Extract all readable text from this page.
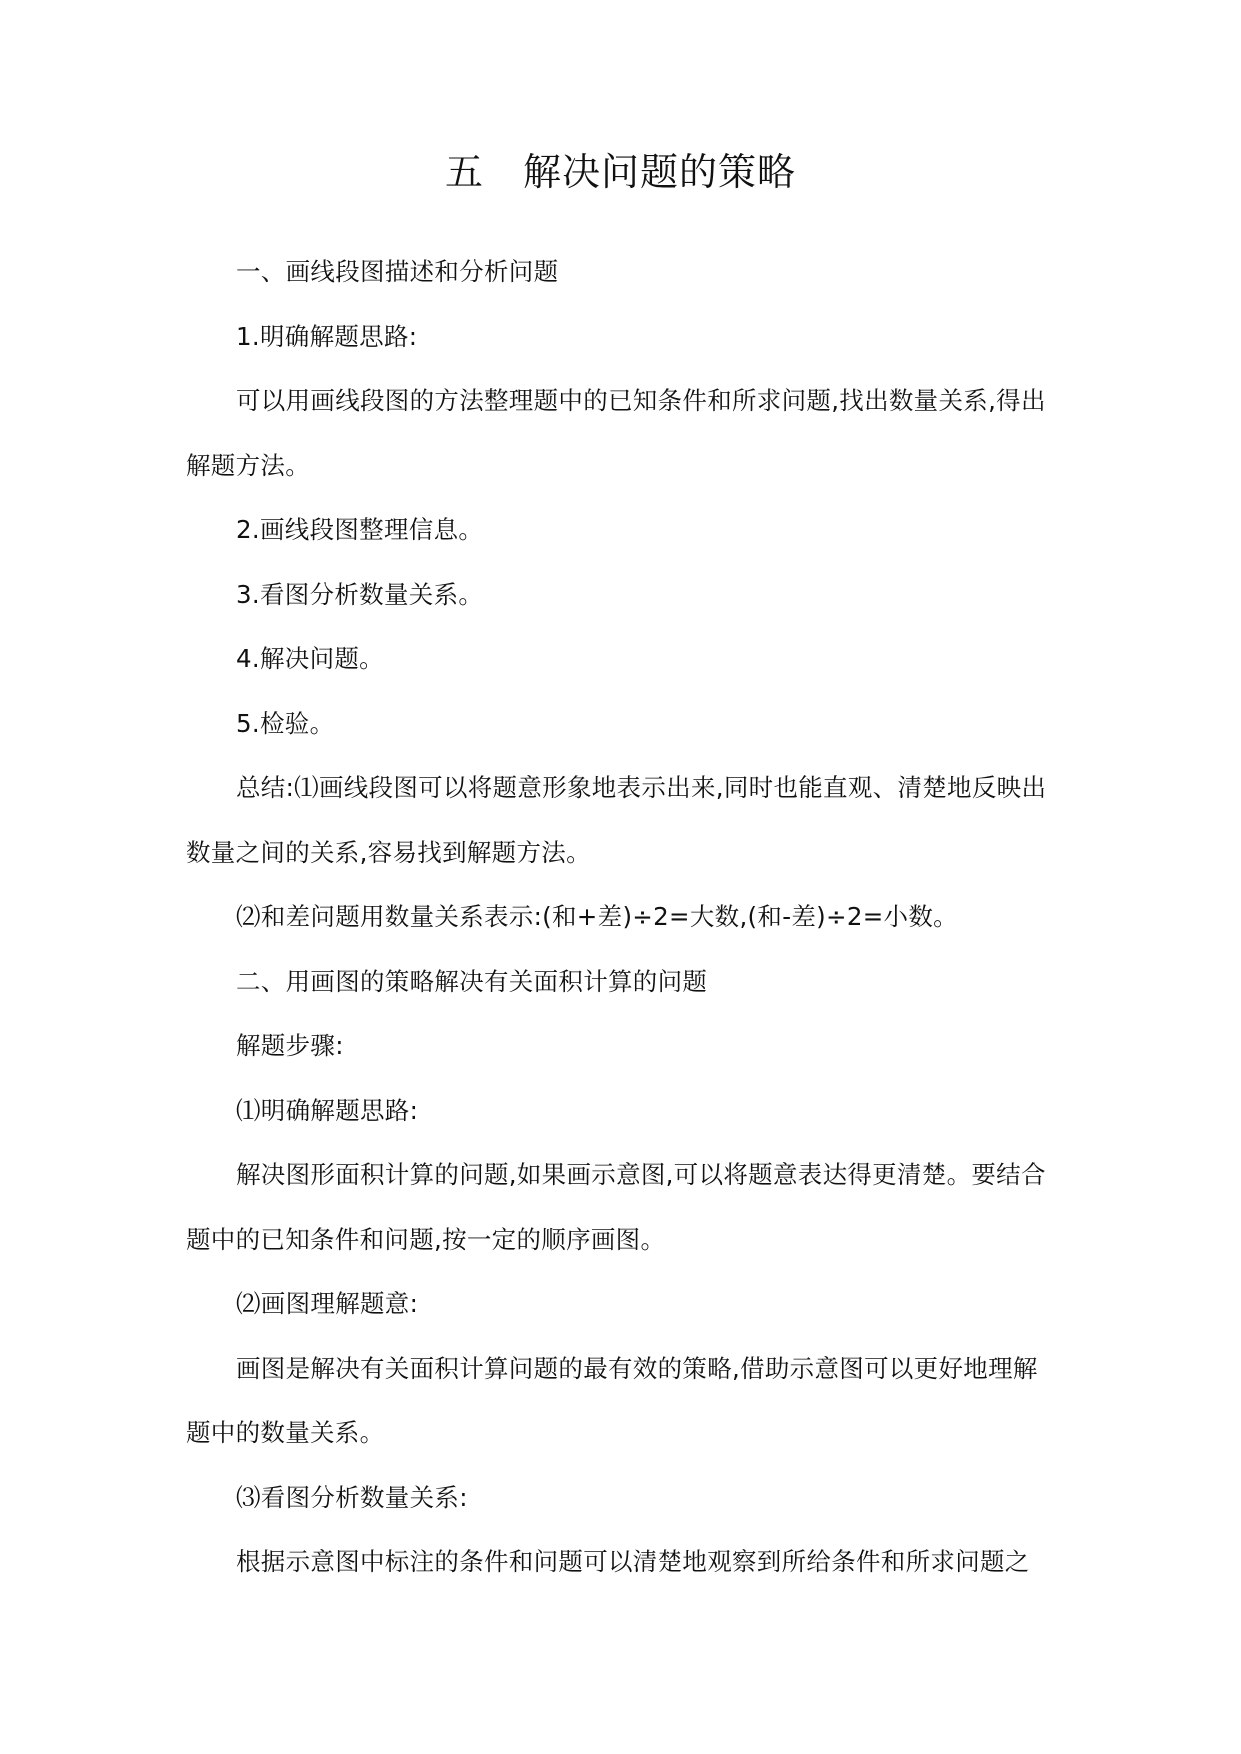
五　解决问题的策略

一、画线段图描述和分析问题

1.明确解题思路:

可以用画线段图的方法整理题中的已知条件和所求问题,找出数量关系,得出解题方法。

2.画线段图整理信息。

3.看图分析数量关系。

4.解决问题。

5.检验。

总结:⑴画线段图可以将题意形象地表示出来,同时也能直观、清楚地反映出数量之间的关系,容易找到解题方法。

⑵和差问题用数量关系表示:(和+差)÷2=大数,(和-差)÷2=小数。

二、用画图的策略解决有关面积计算的问题

解题步骤:

⑴明确解题思路:

解决图形面积计算的问题,如果画示意图,可以将题意表达得更清楚。要结合题中的已知条件和问题,按一定的顺序画图。

⑵画图理解题意:

画图是解决有关面积计算问题的最有效的策略,借助示意图可以更好地理解题中的数量关系。

⑶看图分析数量关系:

根据示意图中标注的条件和问题可以清楚地观察到所给条件和所求问题之
